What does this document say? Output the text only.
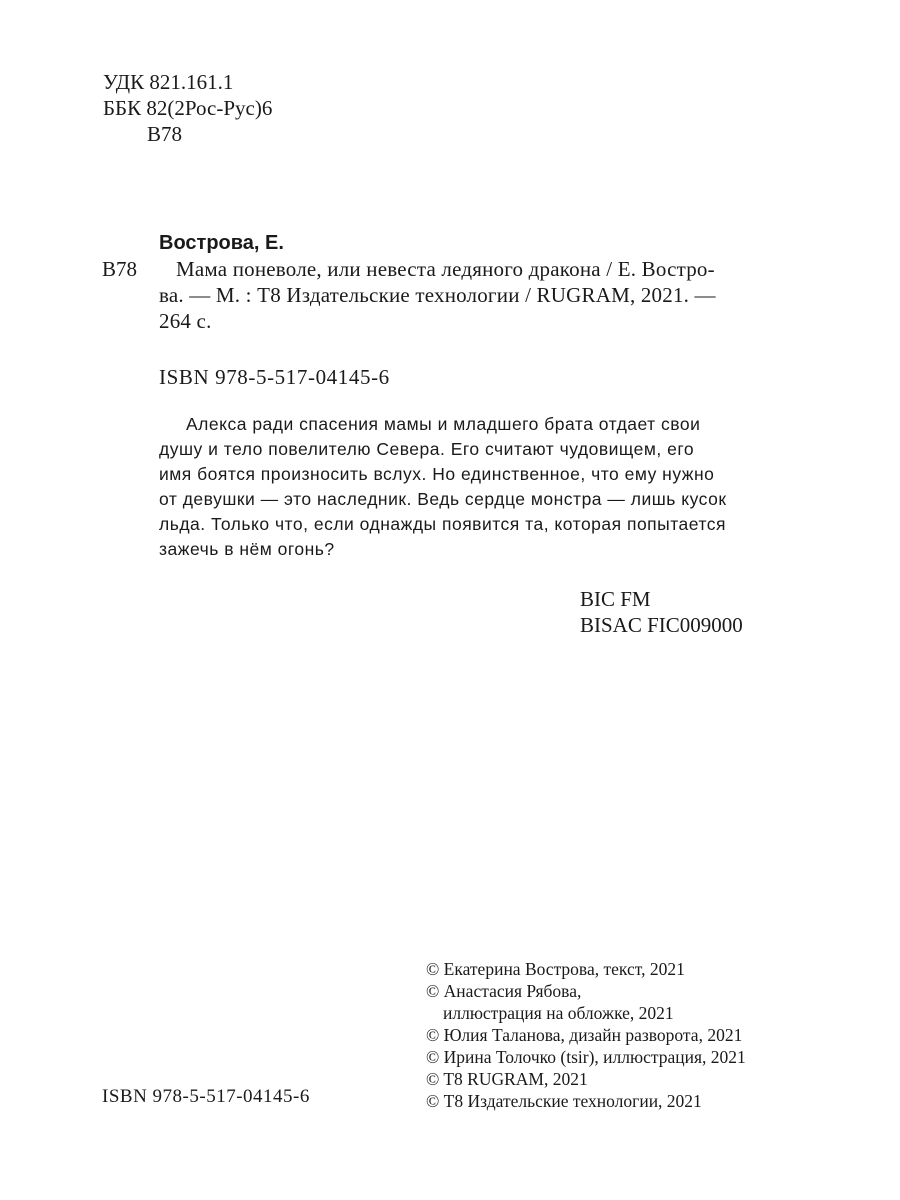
УДК 821.161.1
ББК 82(2Рос-Рус)6
В78
Вострова, Е.
В78	Мама поневоле, или невеста ледяного дракона / Е. Востро-
ва. — М. : Т8 Издательские технологии / RUGRAM, 2021. —
264 с.
ISBN 978-5-517-04145-6
Алекса ради спасения мамы и младшего брата отдает свои
душу и тело повелителю Севера. Его считают чудовищем, его
имя боятся произносить вслух. Но единственное, что ему нужно
от девушки — это наследник. Ведь сердце монстра — лишь кусок
льда. Только что, если однажды появится та, которая попытается
зажечь в нём огонь?
BIC FM
BISAC FIC009000
© Екатерина Вострова, текст, 2021
© Анастасия Рябова,
иллюстрация на обложке, 2021
© Юлия Таланова, дизайн разворота, 2021
© Ирина Толочко (tsir), иллюстрация, 2021
© T8 RUGRAM, 2021
© Т8 Издательские технологии, 2021
ISBN 978-5-517-04145-6
